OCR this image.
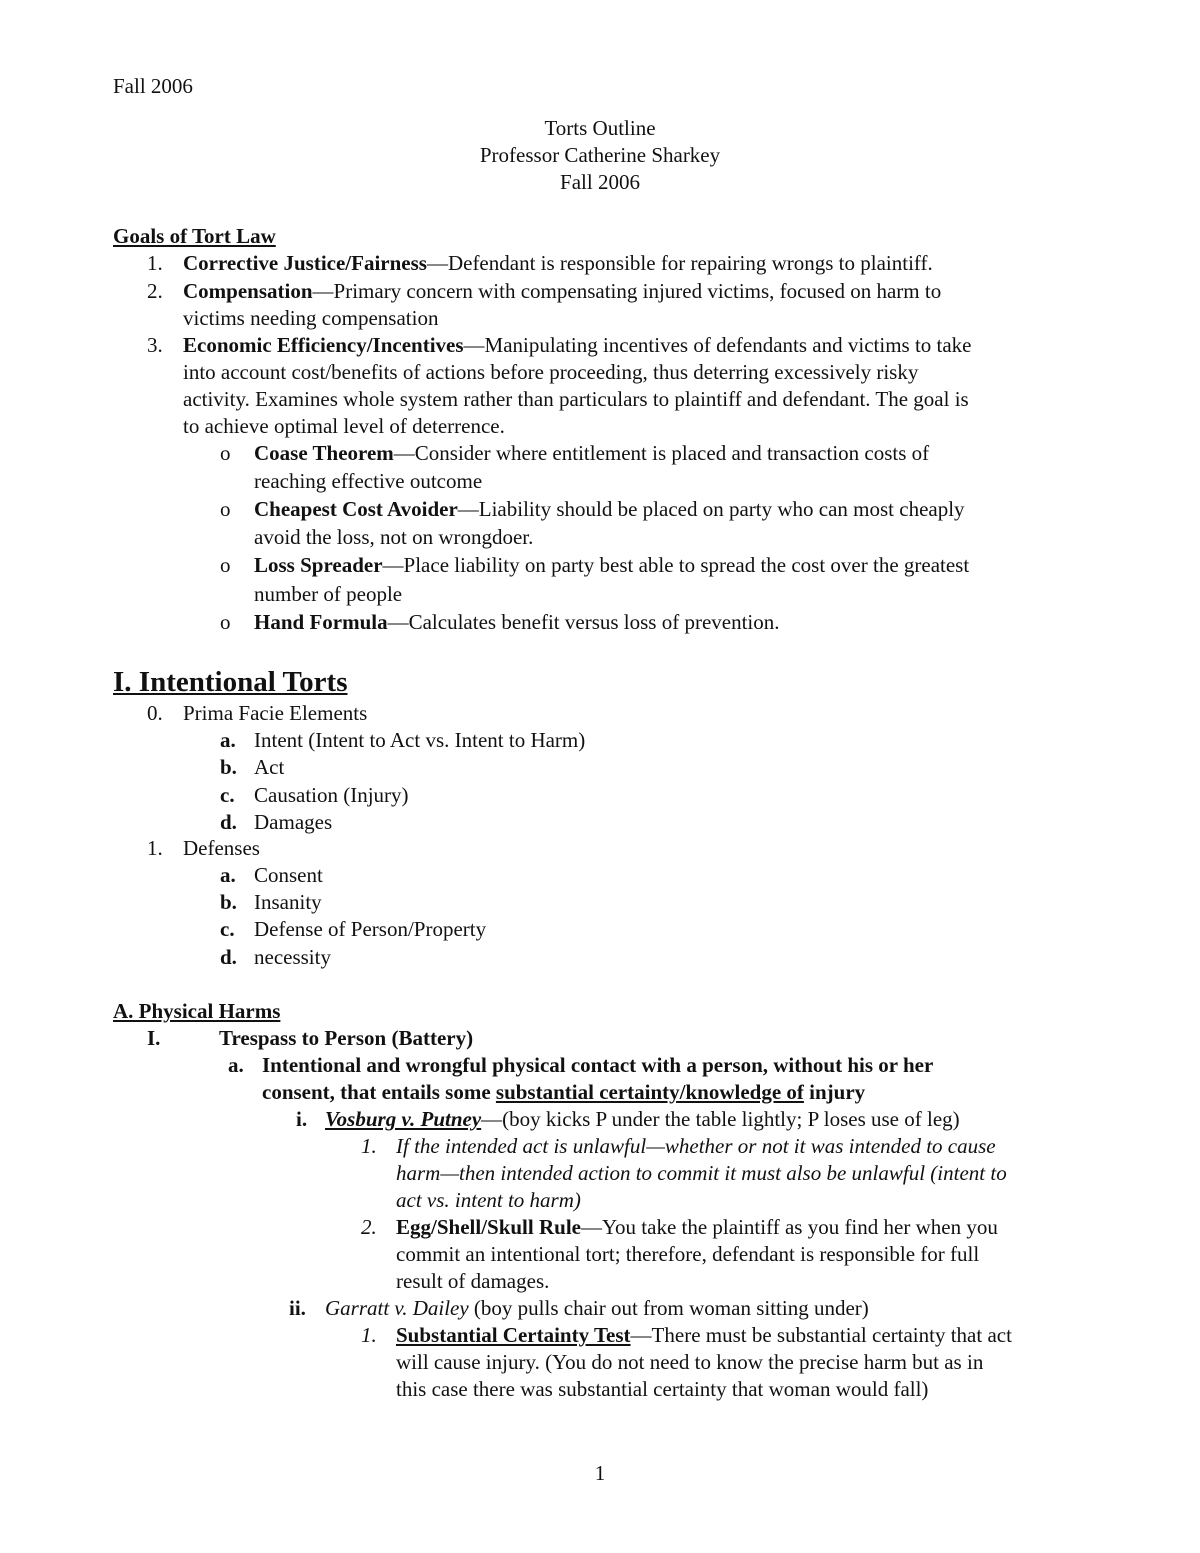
Fall 2006
Torts Outline
Professor Catherine Sharkey
Fall 2006
Goals of Tort Law
1. Corrective Justice/Fairness—Defendant is responsible for repairing wrongs to plaintiff.
2. Compensation—Primary concern with compensating injured victims, focused on harm to
victims needing compensation
3. Economic Efficiency/Incentives—Manipulating incentives of defendants and victims to take
into account cost/benefits of actions before proceeding, thus deterring excessively risky
activity. Examines whole system rather than particulars to plaintiff and defendant. The goal is
to achieve optimal level of deterrence.
o Coase Theorem—Consider where entitlement is placed and transaction costs of
reaching effective outcome
o Cheapest Cost Avoider—Liability should be placed on party who can most cheaply
avoid the loss, not on wrongdoer.
o Loss Spreader—Place liability on party best able to spread the cost over the greatest
number of people
o Hand Formula—Calculates benefit versus loss of prevention.
I. Intentional Torts
0. Prima Facie Elements
a. Intent (Intent to Act vs. Intent to Harm)
b. Act
c. Causation (Injury)
d. Damages
1. Defenses
a. Consent
b. Insanity
c. Defense of Person/Property
d. necessity
A. Physical Harms
I.	Trespass to Person (Battery)
a. Intentional and wrongful physical contact with a person, without his or her
consent, that entails some substantial certainty/knowledge of injury
i. Vosburg v. Putney—(boy kicks P under the table lightly; P loses use of leg)
1. If the intended act is unlawful—whether or not it was intended to cause
harm—then intended action to commit it must also be unlawful (intent to
act vs. intent to harm)
2. Egg/Shell/Skull Rule—You take the plaintiff as you find her when you
commit an intentional tort; therefore, defendant is responsible for full
result of damages.
ii. Garratt v. Dailey (boy pulls chair out from woman sitting under)
1. Substantial Certainty Test—There must be substantial certainty that act
will cause injury. (You do not need to know the precise harm but as in
this case there was substantial certainty that woman would fall)
1
